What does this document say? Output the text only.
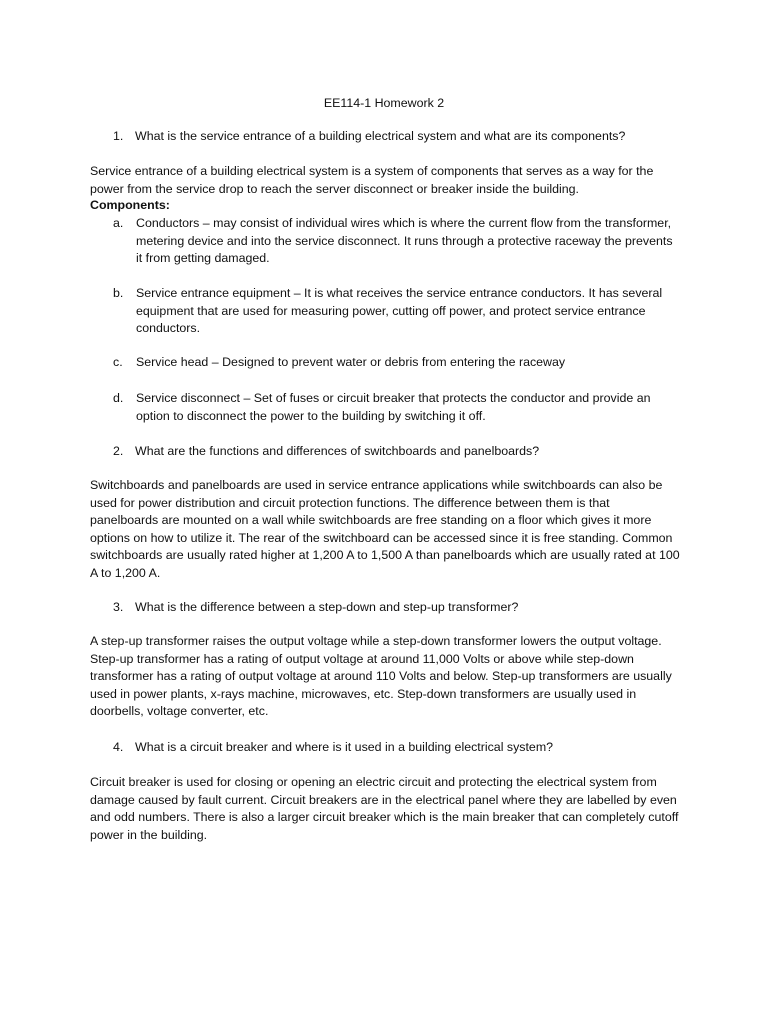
EE114-1 Homework 2
1. What is the service entrance of a building electrical system and what are its components?
Service entrance of a building electrical system is a system of components that serves as a way for the power from the service drop to reach the server disconnect or breaker inside the building.
Components:
a. Conductors – may consist of individual wires which is where the current flow from the transformer, metering device and into the service disconnect. It runs through a protective raceway the prevents it from getting damaged.
b. Service entrance equipment – It is what receives the service entrance conductors. It has several equipment that are used for measuring power, cutting off power, and protect service entrance conductors.
c. Service head – Designed to prevent water or debris from entering the raceway
d. Service disconnect – Set of fuses or circuit breaker that protects the conductor and provide an option to disconnect the power to the building by switching it off.
2. What are the functions and differences of switchboards and panelboards?
Switchboards and panelboards are used in service entrance applications while switchboards can also be used for power distribution and circuit protection functions. The difference between them is that panelboards are mounted on a wall while switchboards are free standing on a floor which gives it more options on how to utilize it. The rear of the switchboard can be accessed since it is free standing. Common switchboards are usually rated higher at 1,200 A to 1,500 A than panelboards which are usually rated at 100 A to 1,200 A.
3. What is the difference between a step-down and step-up transformer?
A step-up transformer raises the output voltage while a step-down transformer lowers the output voltage. Step-up transformer has a rating of output voltage at around 11,000 Volts or above while step-down transformer has a rating of output voltage at around 110 Volts and below. Step-up transformers are usually used in power plants, x-rays machine, microwaves, etc. Step-down transformers are usually used in doorbells, voltage converter, etc.
4. What is a circuit breaker and where is it used in a building electrical system?
Circuit breaker is used for closing or opening an electric circuit and protecting the electrical system from damage caused by fault current. Circuit breakers are in the electrical panel where they are labelled by even and odd numbers. There is also a larger circuit breaker which is the main breaker that can completely cutoff power in the building.
